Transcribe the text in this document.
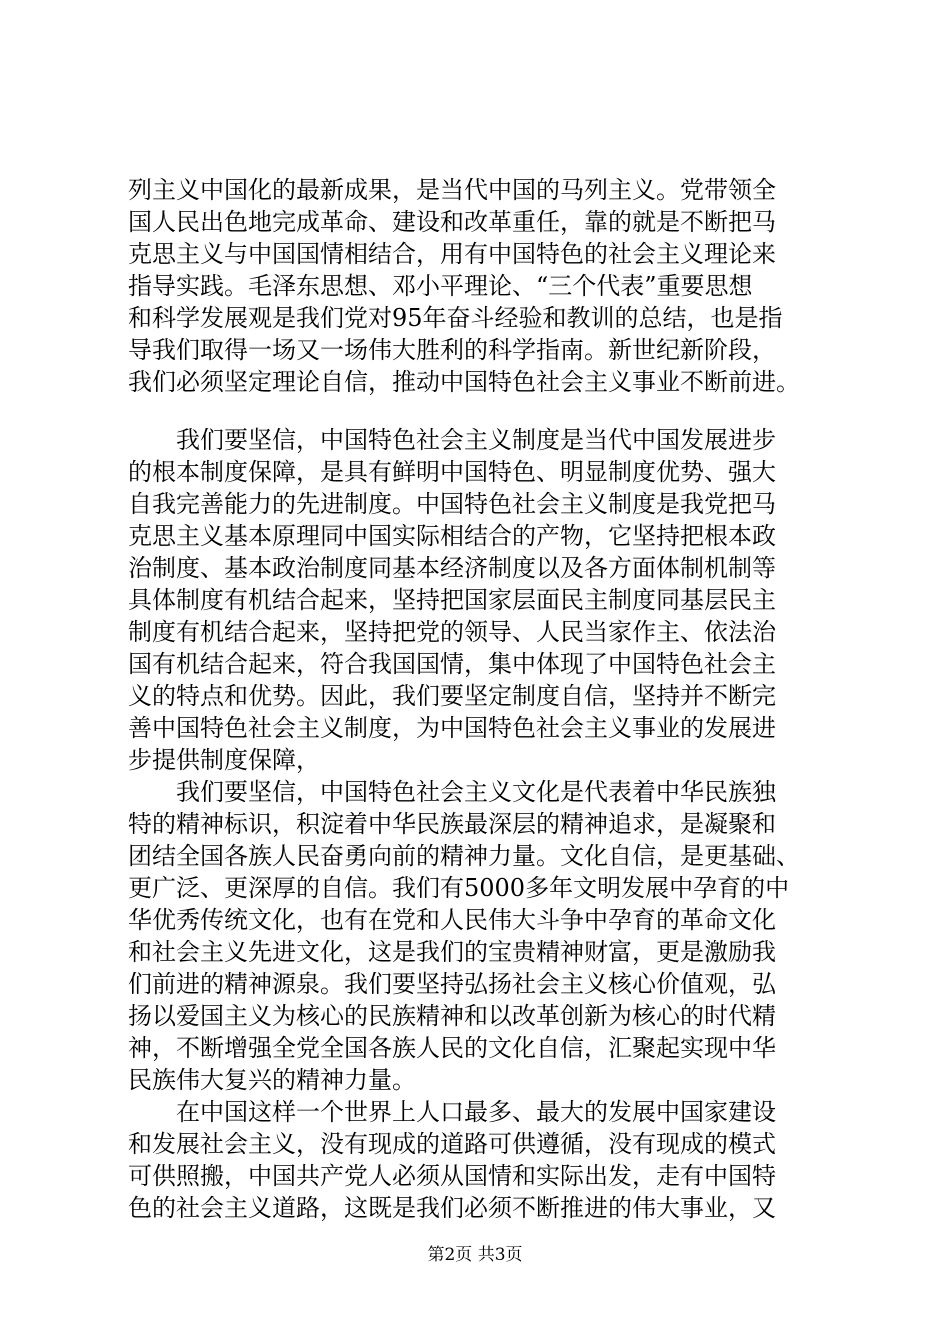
列主义中国化的最新成果，是当代中国的马列主义。党带领全
国人民出色地完成革命、建设和改革重任，靠的就是不断把马
克思主义与中国国情相结合，用有中国特色的社会主义理论来
指导实践。毛泽东思想、邓小平理论、“三个代表”重要思想
和科学发展观是我们党对95年奋斗经验和教训的总结，也是指
导我们取得一场又一场伟大胜利的科学指南。新世纪新阶段，
我们必须坚定理论自信，推动中国特色社会主义事业不断前进。
　　我们要坚信，中国特色社会主义制度是当代中国发展进步
的根本制度保障，是具有鲜明中国特色、明显制度优势、强大
自我完善能力的先进制度。中国特色社会主义制度是我党把马
克思主义基本原理同中国实际相结合的产物，它坚持把根本政
治制度、基本政治制度同基本经济制度以及各方面体制机制等
具体制度有机结合起来，坚持把国家层面民主制度同基层民主
制度有机结合起来，坚持把党的领导、人民当家作主、依法治
国有机结合起来，符合我国国情，集中体现了中国特色社会主
义的特点和优势。因此，我们要坚定制度自信，坚持并不断完
善中国特色社会主义制度，为中国特色社会主义事业的发展进
步提供制度保障，
　　我们要坚信，中国特色社会主义文化是代表着中华民族独
特的精神标识，积淀着中华民族最深层的精神追求，是凝聚和
团结全国各族人民奋勇向前的精神力量。文化自信，是更基础、
更广泛、更深厚的自信。我们有5000多年文明发展中孕育的中
华优秀传统文化，也有在党和人民伟大斗争中孕育的革命文化
和社会主义先进文化，这是我们的宝贵精神财富，更是激励我
们前进的精神源泉。我们要坚持弘扬社会主义核心价值观，弘
扬以爱国主义为核心的民族精神和以改革创新为核心的时代精
神，不断增强全党全国各族人民的文化自信，汇聚起实现中华
民族伟大复兴的精神力量。
　　在中国这样一个世界上人口最多、最大的发展中国家建设
和发展社会主义，没有现成的道路可供遵循，没有现成的模式
可供照搬，中国共产党人必须从国情和实际出发，走有中国特
色的社会主义道路，这既是我们必须不断推进的伟大事业，又
第2页 共3页
